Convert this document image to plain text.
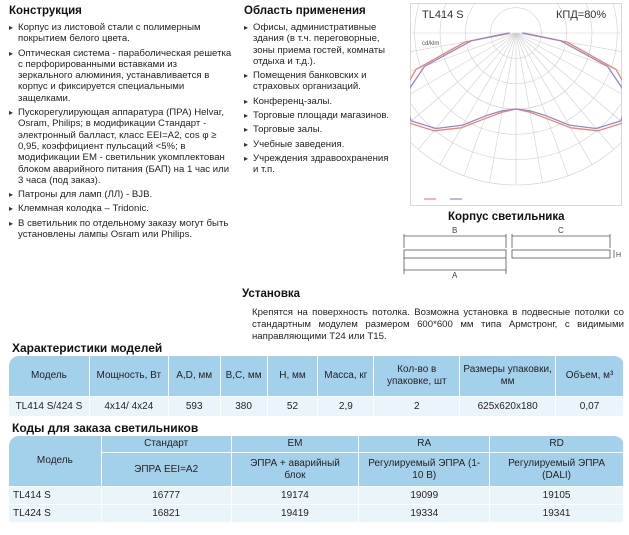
Конструкция
▸ Корпус из листовой стали с полимерным покрытием белого цвета.
▸ Оптическая система - параболическая решетка с перфорированными вставками из зеркального алюминия, устанавливается в корпус и фиксируется специальными защелками.
▸ Пускорегулирующая аппаратура (ПРА) Helvar, Osram, Philips; в модификации Стандарт - электронный балласт, класс EEI=A2, cos φ ≥ 0,95, коэффициент пульсаций <5%; в модификации EM - светильник укомплектован блоком аварийного питания (БАП) на 1 час или 3 часа (под заказ).
▸ Патроны для ламп (ЛЛ) - BJB.
▸ Клеммная колодка – Tridonic.
▸ В светильник по отдельному заказу могут быть установлены лампы Osram или Philips.
Область применения
▸ Офисы, административные здания (в т.ч. переговорные, зоны приема гостей, комнаты отдыха и т.д.).
▸ Помещения банковских и страховых организаций.
▸ Конференц-залы.
▸ Торговые площади магазинов.
▸ Торговые залы.
▸ Учебные заведения.
▸ Учреждения здравоохранения и т.п.
TL414 S	КПД=80%
cd/klm
Корпус светильника
B
A
C
H
Установка
Крепятся на поверхность потолка. Возможна установка в подвесные потолки со стандартным модулем размером 600*600 мм типа Армстронг, с видимыми направляющими T24 или T15.
Характеристики моделей
Модель	Мощность, Вт	A,D, мм	B,C, мм	H, мм	Масса, кг	Кол-во в упаковке, шт	Размеры упаковки, мм	Объем, м³
TL414 S/424 S	4x14/ 4x24	593	380	52	2,9	2	625x620x180	0,07
Коды для заказа светильников
Модель	Стандарт	EM	RA	RD
	ЭПРА EEI=A2	ЭПРА + аварийный блок	Регулируемый ЭПРА (1-10 В)	Регулируемый ЭПРА (DALI)
TL414 S	16777	19174	19099	19105
TL424 S	16821	19419	19334	19341
